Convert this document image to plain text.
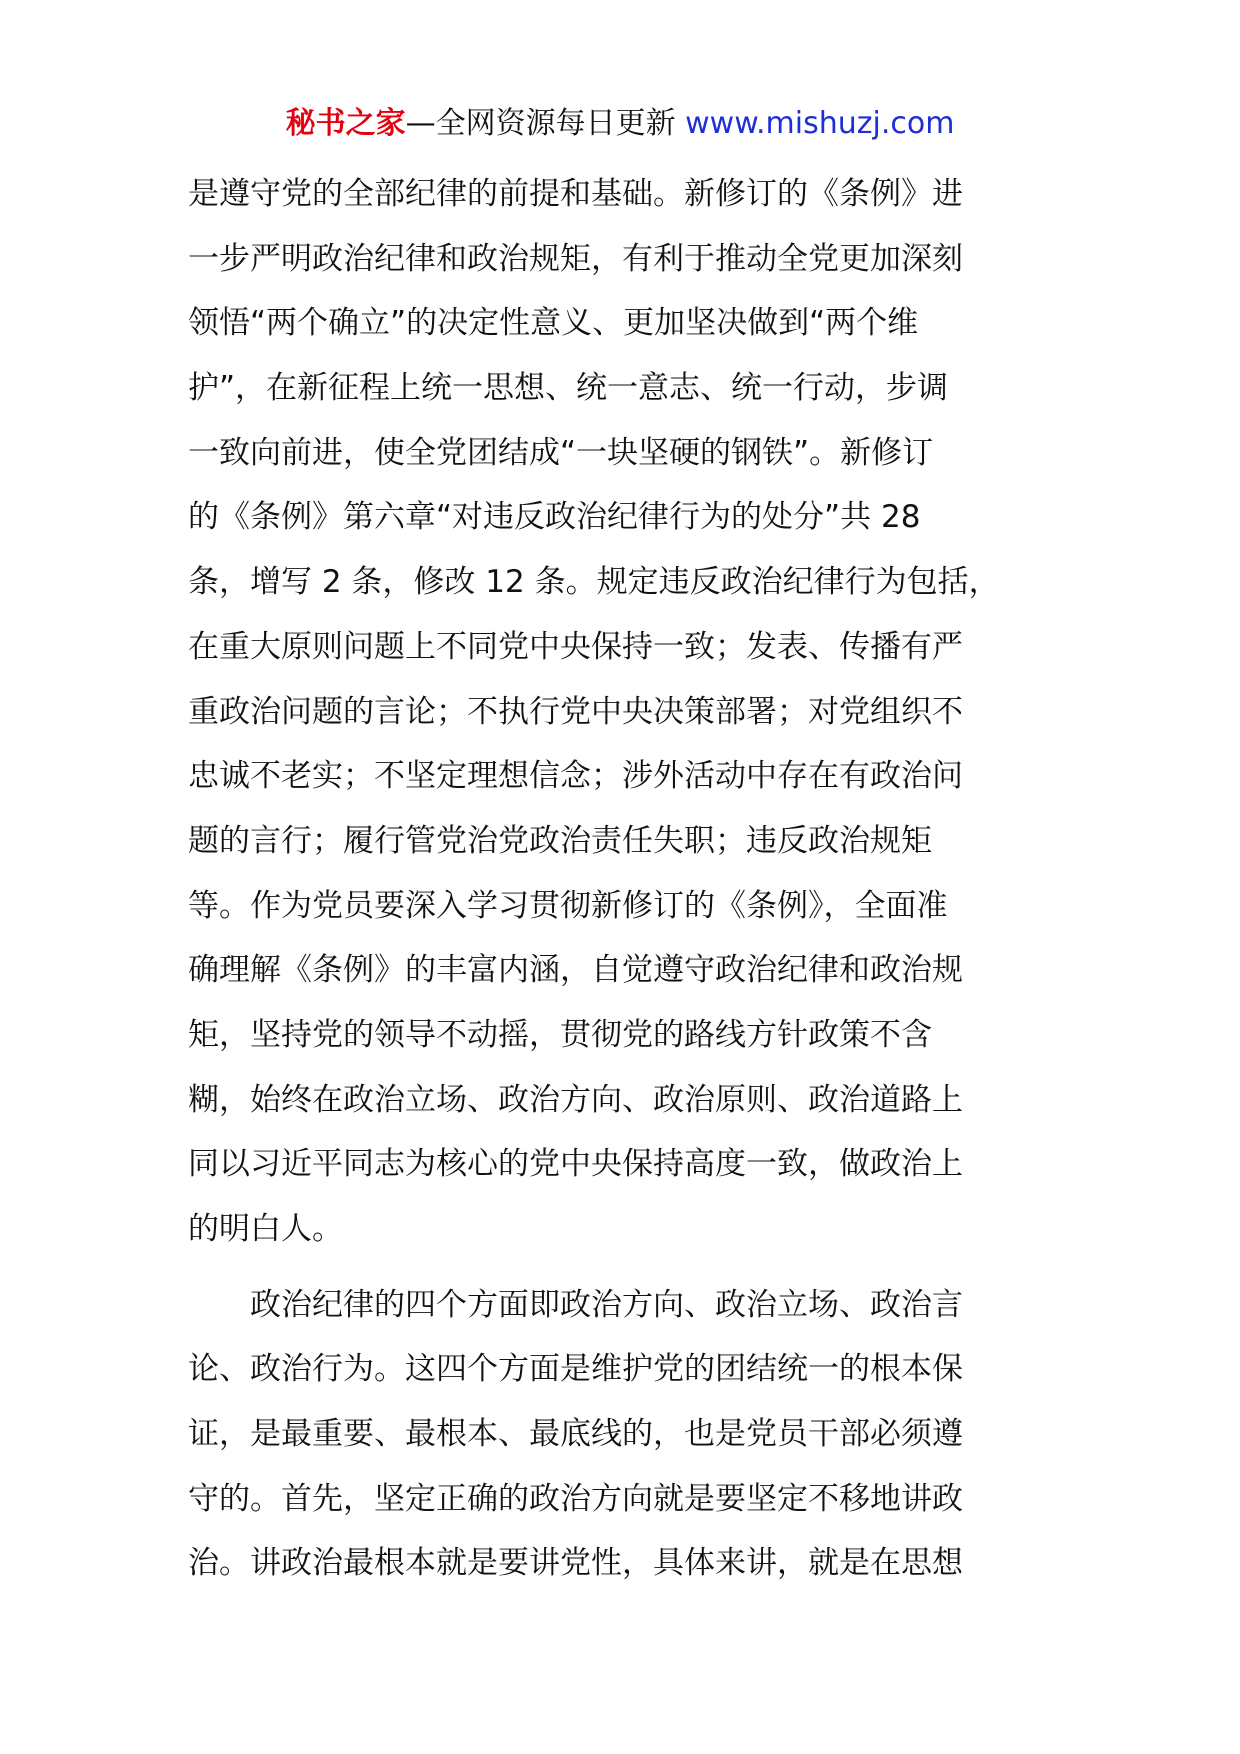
秘书之家—全网资源每日更新 www.mishuzj.com
是遵守党的全部纪律的前提和基础。新修订的《条例》进
一步严明政治纪律和政治规矩，有利于推动全党更加深刻
领悟“两个确立”的决定性意义、更加坚决做到“两个维
护”，在新征程上统一思想、统一意志、统一行动，步调
一致向前进，使全党团结成“一块坚硬的钢铁”。新修订
的《条例》第六章“对违反政治纪律行为的处分”共 28
条，增写 2 条，修改 12 条。规定违反政治纪律行为包括，
在重大原则问题上不同党中央保持一致；发表、传播有严
重政治问题的言论；不执行党中央决策部署；对党组织不
忠诚不老实；不坚定理想信念；涉外活动中存在有政治问
题的言行；履行管党治党政治责任失职；违反政治规矩
等。作为党员要深入学习贯彻新修订的《条例》，全面准
确理解《条例》的丰富内涵，自觉遵守政治纪律和政治规
矩，坚持党的领导不动摇，贯彻党的路线方针政策不含
糊，始终在政治立场、政治方向、政治原则、政治道路上
同以习近平同志为核心的党中央保持高度一致，做政治上
的明白人。
　　政治纪律的四个方面即政治方向、政治立场、政治言
论、政治行为。这四个方面是维护党的团结统一的根本保
证，是最重要、最根本、最底线的，也是党员干部必须遵
守的。首先，坚定正确的政治方向就是要坚定不移地讲政
治。讲政治最根本就是要讲党性，具体来讲，就是在思想
